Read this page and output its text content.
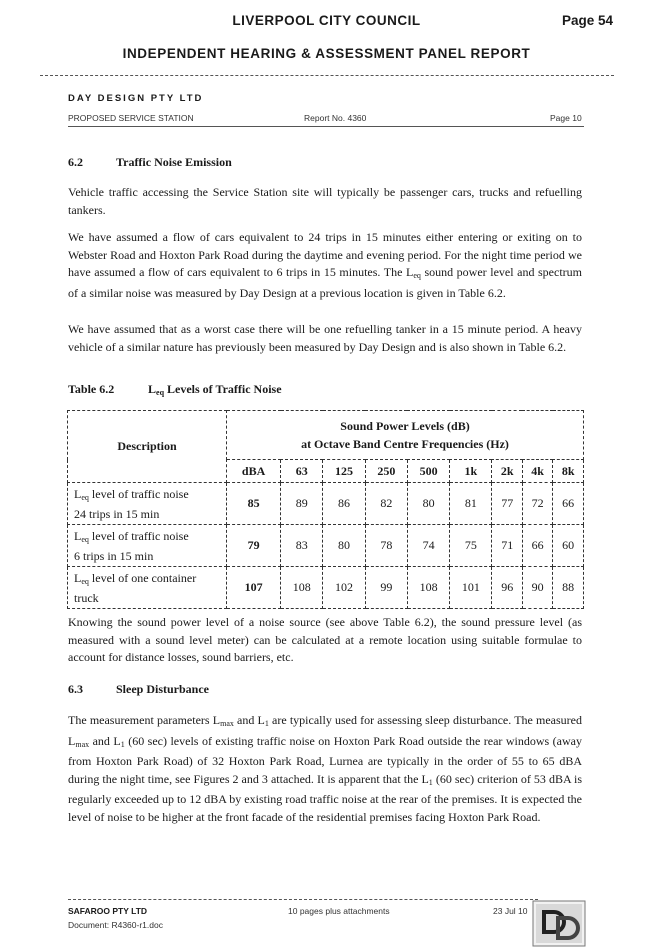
LIVERPOOL CITY COUNCIL	Page 54
INDEPENDENT HEARING & ASSESSMENT PANEL REPORT
DAY DESIGN PTY LTD
PROPOSED SERVICE STATION	Report No. 4360	Page 10
6.2	Traffic Noise Emission

Vehicle traffic accessing the Service Station site will typically be passenger cars, trucks and refuelling tankers.

We have assumed a flow of cars equivalent to 24 trips in 15 minutes either entering or exiting on to Webster Road and Hoxton Park Road during the daytime and evening period. For the night time period we have assumed a flow of cars equivalent to 6 trips in 15 minutes. The $L_{eq}$ sound power level and spectrum of a similar noise was measured by Day Design at a previous location is given in Table 6.2.

We have assumed that as a worst case there will be one refuelling tanker in a 15 minute period. A heavy vehicle of a similar nature has previously been measured by Day Design and is also shown in Table 6.2.

Table 6.2	$L_{eq}$ Levels of Traffic Noise
Description	Sound Power Levels (dB)
at Octave Band Centre Frequencies (Hz)								
	dBA	63	125	250	500	1k	2k	4k	8k
$L_{eq}$ level of traffic noise
24 trips in 15 min	85	89	86	82	80	81	77	72	66
$L_{eq}$ level of traffic noise
6 trips in 15 min	79	83	80	78	74	75	71	66	60
$L_{eq}$ level of one container
truck	107	108	102	99	108	101	96	90	88

Knowing the sound power level of a noise source (see above Table 6.2), the sound pressure level (as measured with a sound level meter) can be calculated at a remote location using suitable formulae to account for distance losses, sound barriers, etc.

6.3	Sleep Disturbance

The measurement parameters $L_{max}$ and $L_1$ are typically used for assessing sleep disturbance. The measured $L_{max}$ and $L_1$ (60 sec) levels of existing traffic noise on Hoxton Park Road outside the rear windows (away from Hoxton Park Road) of 32 Hoxton Park Road, Lurnea are typically in the order of 55 to 65 dBA during the night time, see Figures 2 and 3 attached. It is apparent that the $L_1$ (60 sec) criterion of 53 dBA is regularly exceeded up to 12 dBA by existing road traffic noise at the rear of the premises. It is expected the level of noise to be higher at the front facade of the residential premises facing Hoxton Park Road.

SAFAROO PTY LTD
Document: R4360-r1.doc
10 pages plus attachments	23 Jul 10
